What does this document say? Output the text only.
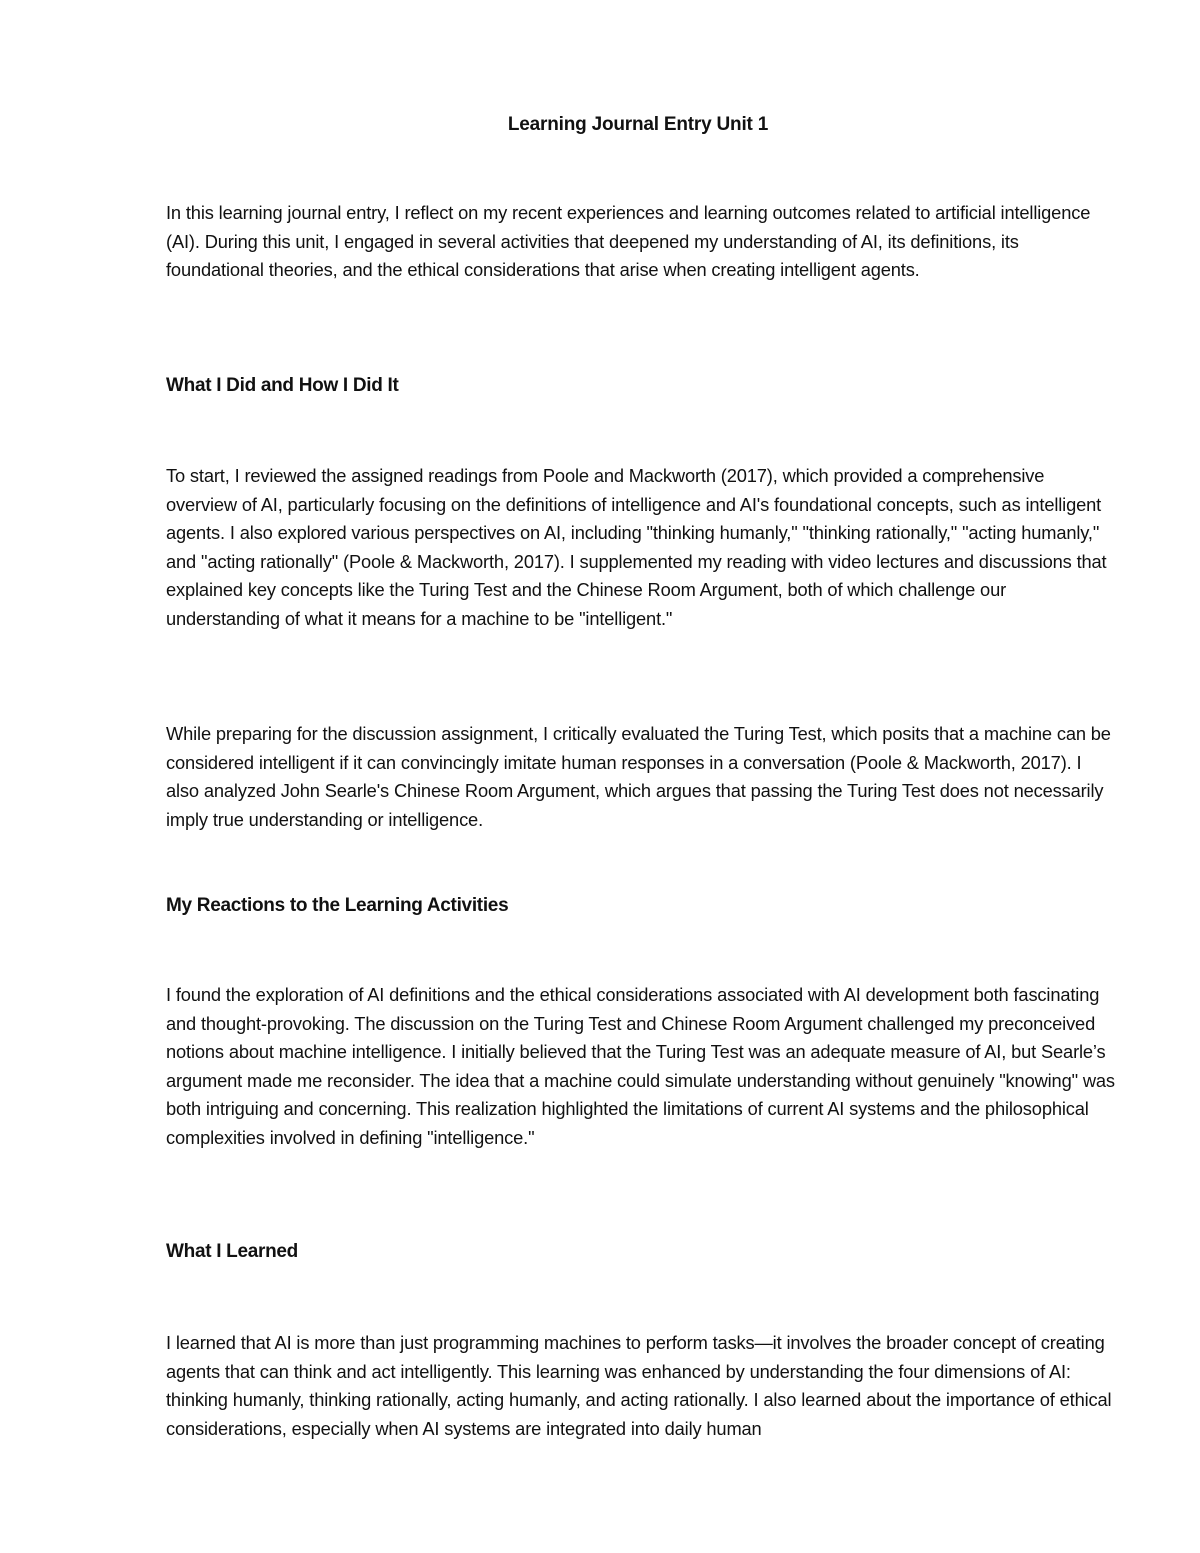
Learning Journal Entry Unit 1

In this learning journal entry, I reflect on my recent experiences and learning outcomes related to artificial intelligence (AI). During this unit, I engaged in several activities that deepened my understanding of AI, its definitions, its foundational theories, and the ethical considerations that arise when creating intelligent agents.

What I Did and How I Did It

To start, I reviewed the assigned readings from Poole and Mackworth (2017), which provided a comprehensive overview of AI, particularly focusing on the definitions of intelligence and AI's foundational concepts, such as intelligent agents. I also explored various perspectives on AI, including "thinking humanly," "thinking rationally," "acting humanly," and "acting rationally" (Poole & Mackworth, 2017). I supplemented my reading with video lectures and discussions that explained key concepts like the Turing Test and the Chinese Room Argument, both of which challenge our understanding of what it means for a machine to be "intelligent."

While preparing for the discussion assignment, I critically evaluated the Turing Test, which posits that a machine can be considered intelligent if it can convincingly imitate human responses in a conversation (Poole & Mackworth, 2017). I also analyzed John Searle's Chinese Room Argument, which argues that passing the Turing Test does not necessarily imply true understanding or intelligence.

My Reactions to the Learning Activities

I found the exploration of AI definitions and the ethical considerations associated with AI development both fascinating and thought-provoking. The discussion on the Turing Test and Chinese Room Argument challenged my preconceived notions about machine intelligence. I initially believed that the Turing Test was an adequate measure of AI, but Searle’s argument made me reconsider. The idea that a machine could simulate understanding without genuinely "knowing" was both intriguing and concerning. This realization highlighted the limitations of current AI systems and the philosophical complexities involved in defining "intelligence."

What I Learned

I learned that AI is more than just programming machines to perform tasks—it involves the broader concept of creating agents that can think and act intelligently. This learning was enhanced by understanding the four dimensions of AI: thinking humanly, thinking rationally, acting humanly, and acting rationally. I also learned about the importance of ethical considerations, especially when AI systems are integrated into daily human
